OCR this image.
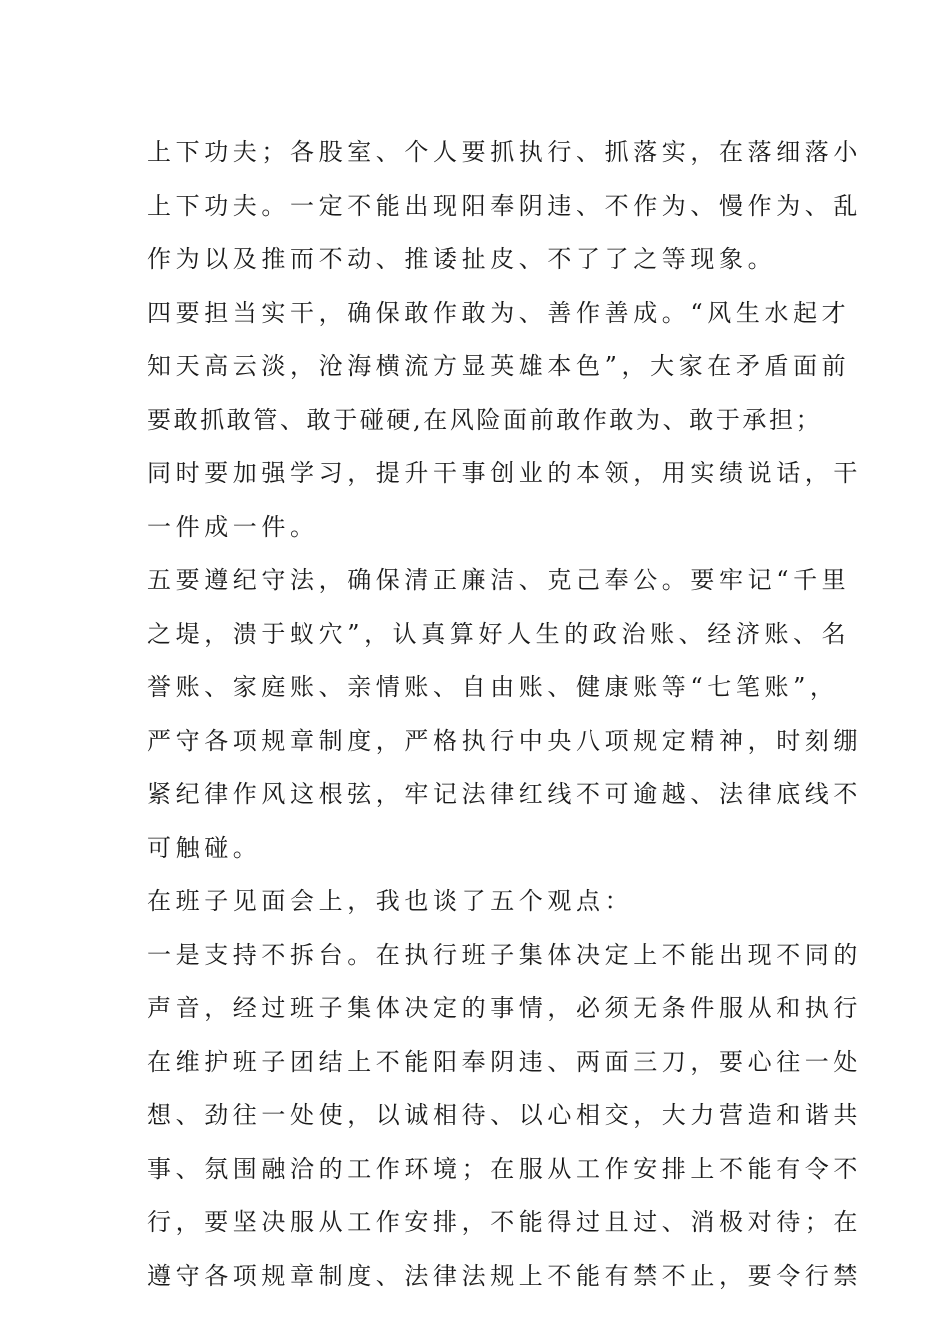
上下功夫；各股室、个人要抓执行、抓落实，在落细落小
上下功夫。一定不能出现阳奉阴违、不作为、慢作为、乱
作为以及推而不动、推诿扯皮、不了了之等现象。
四要担当实干，确保敢作敢为、善作善成。“风生水起才
知天高云淡，沧海横流方显英雄本色”，大家在矛盾面前
要敢抓敢管、敢于碰硬,在风险面前敢作敢为、敢于承担；
同时要加强学习，提升干事创业的本领，用实绩说话，干
一件成一件。
五要遵纪守法，确保清正廉洁、克己奉公。要牢记“千里
之堤，溃于蚁穴”，认真算好人生的政治账、经济账、名
誉账、家庭账、亲情账、自由账、健康账等“七笔账”，
严守各项规章制度，严格执行中央八项规定精神，时刻绷
紧纪律作风这根弦，牢记法律红线不可逾越、法律底线不
可触碰。
在班子见面会上，我也谈了五个观点：
一是支持不拆台。在执行班子集体决定上不能出现不同的
声音，经过班子集体决定的事情，必须无条件服从和执行
在维护班子团结上不能阳奉阴违、两面三刀，要心往一处
想、劲往一处使，以诚相待、以心相交，大力营造和谐共
事、氛围融洽的工作环境；在服从工作安排上不能有令不
行，要坚决服从工作安排，不能得过且过、消极对待；在
遵守各项规章制度、法律法规上不能有禁不止，要令行禁
